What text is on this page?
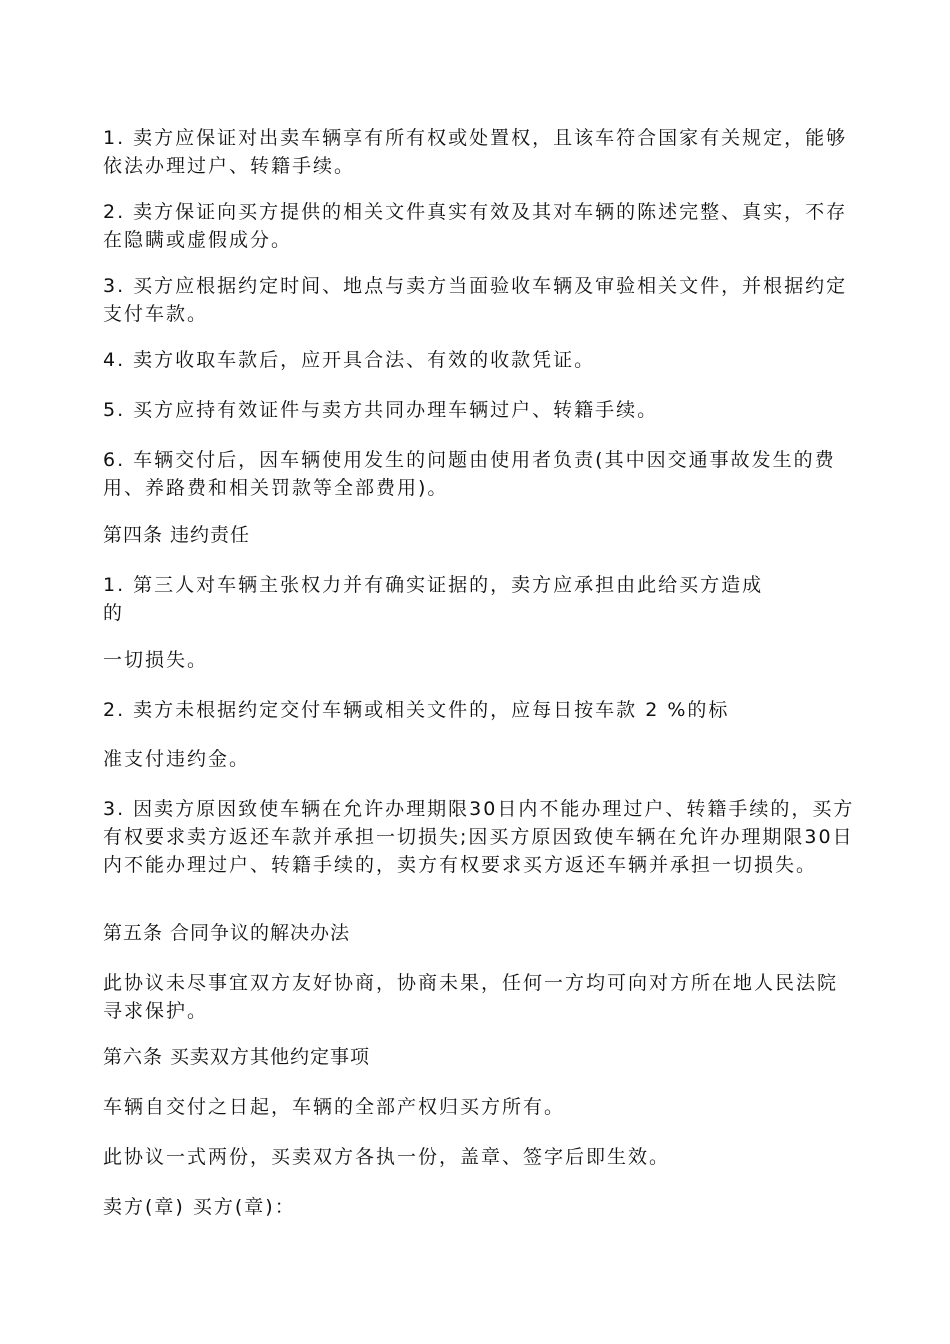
1. 卖方应保证对出卖车辆享有所有权或处置权，且该车符合国家有关规定，能够依法办理过户、转籍手续。

2. 卖方保证向买方提供的相关文件真实有效及其对车辆的陈述完整、真实，不存在隐瞒或虚假成分。

3. 买方应根据约定时间、地点与卖方当面验收车辆及审验相关文件，并根据约定支付车款。

4. 卖方收取车款后，应开具合法、有效的收款凭证。

5. 买方应持有效证件与卖方共同办理车辆过户、转籍手续。

6. 车辆交付后，因车辆使用发生的问题由使用者负责(其中因交通事故发生的费用、养路费和相关罚款等全部费用)。

第四条 违约责任

1. 第三人对车辆主张权力并有确实证据的，卖方应承担由此给买方造成
的

一切损失。

2. 卖方未根据约定交付车辆或相关文件的，应每日按车款 2 %的标

准支付违约金。

3. 因卖方原因致使车辆在允许办理期限30日内不能办理过户、转籍手续的，买方有权要求卖方返还车款并承担一切损失;因买方原因致使车辆在允许办理期限30日内不能办理过户、转籍手续的，卖方有权要求买方返还车辆并承担一切损失。

第五条 合同争议的解决办法

此协议未尽事宜双方友好协商，协商未果，任何一方均可向对方所在地人民法院寻求保护。

第六条 买卖双方其他约定事项

车辆自交付之日起，车辆的全部产权归买方所有。

此协议一式两份，买卖双方各执一份，盖章、签字后即生效。

卖方(章) 买方(章)：
